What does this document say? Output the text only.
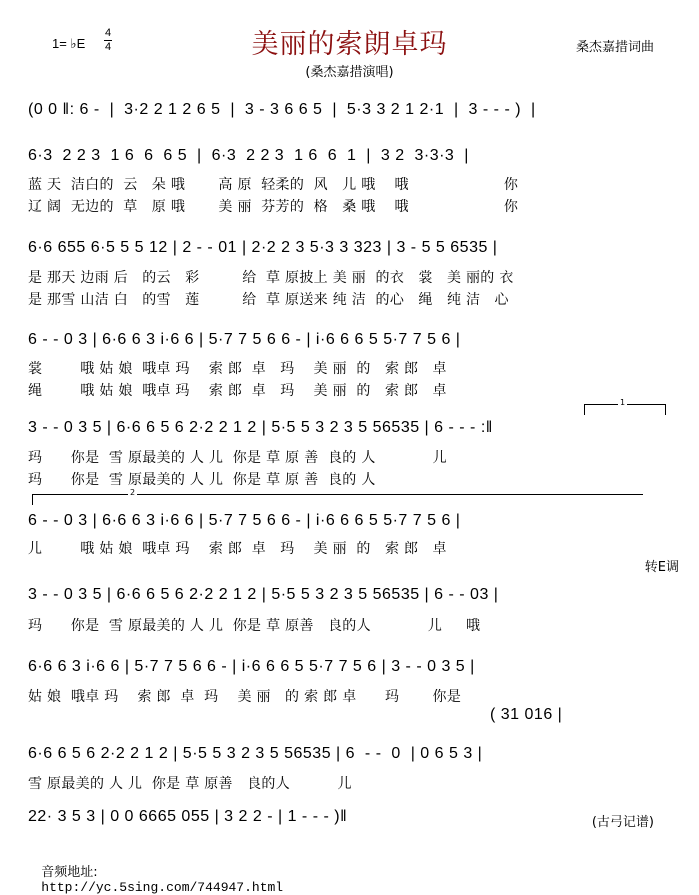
1= ♭E
4
4	美丽的索朗卓玛	桑杰嘉措词曲
(桑杰嘉措演唱)
(0 0 ‖: 6 -  |  3·2 2 1 2 6 5  |  3 - 3 6 6 5  |  5·3 3 2 1 2·1  |  3 - - - )  |
6·3  2 2 3  1 6  6  6 5  |  6·3  2 2 3  1 6  6  1  |  3 2  3·3·3  |
蓝 天  洁白的  云   朵 哦       高 原  轻柔的  风   儿 哦    哦                    你
辽 阔  无边的  草   原 哦       美 丽  芬芳的  格   桑 哦    哦                    你
6·6 655 6·5 5 5 12 | 2 - - 01 | 2·2 2 3 5·3 3 323 | 3 - 5 5 6535 |
是 那天 边雨 后   的云   彩         给  草 原披上 美 丽  的衣   裳   美 丽的 衣
是 那雪 山洁 白   的雪   莲         给  草 原送来 纯 洁  的心   绳   纯 洁   心
6 - - 0 3 | 6·6 6 3 i·6 6 | 5·7 7 5 6 6 - | i·6 6 6 5 5·7 7 5 6 |
裳        哦 姑 娘  哦卓 玛    索 郎  卓   玛    美 丽  的   索 郎   卓
绳        哦 姑 娘  哦卓 玛    索 郎  卓   玛    美 丽  的   索 郎   卓
1
3 - - 0 3 5 | 6·6 6 5 6 2·2 2 1 2 | 5·5 5 3 2 3 5 56535 | 6 - - - :‖
玛      你是  雪 原最美的 人 儿  你是 草 原 善  良的 人            儿
玛      你是  雪 原最美的 人 儿  你是 草 原 善  良的 人
2
6 - - 0 3 | 6·6 6 3 i·6 6 | 5·7 7 5 6 6 - | i·6 6 6 5 5·7 7 5 6 |
儿        哦 姑 娘  哦卓 玛    索 郎  卓   玛    美 丽  的   索 郎   卓
转E调
3 - - 0 3 5 | 6·6 6 5 6 2·2 2 1 2 | 5·5 5 3 2 3 5 56535 | 6 - - 03 |
玛      你是  雪 原最美的 人 儿  你是 草 原善   良的人            儿     哦
6·6 6 3 i·6 6 | 5·7 7 5 6 6 - | i·6 6 6 5 5·7 7 5 6 | 3 - - 0 3 5 |
姑 娘  哦卓 玛    索 郎  卓  玛    美 丽   的 索 郎 卓      玛       你是
( 31 016 |
6·6 6 5 6 2·2 2 1 2 | 5·5 5 3 2 3 5 56535 | 6  - -  0  | 0 6 5 3 |
雪 原最美的 人 儿  你是 草 原善   良的人          儿
22· 3 5 3 | 0 0 6665 055 | 3 2 2 - | 1 - - - )‖	(古弓记谱)

音频地址:
http://yc.5sing.com/744947.html
